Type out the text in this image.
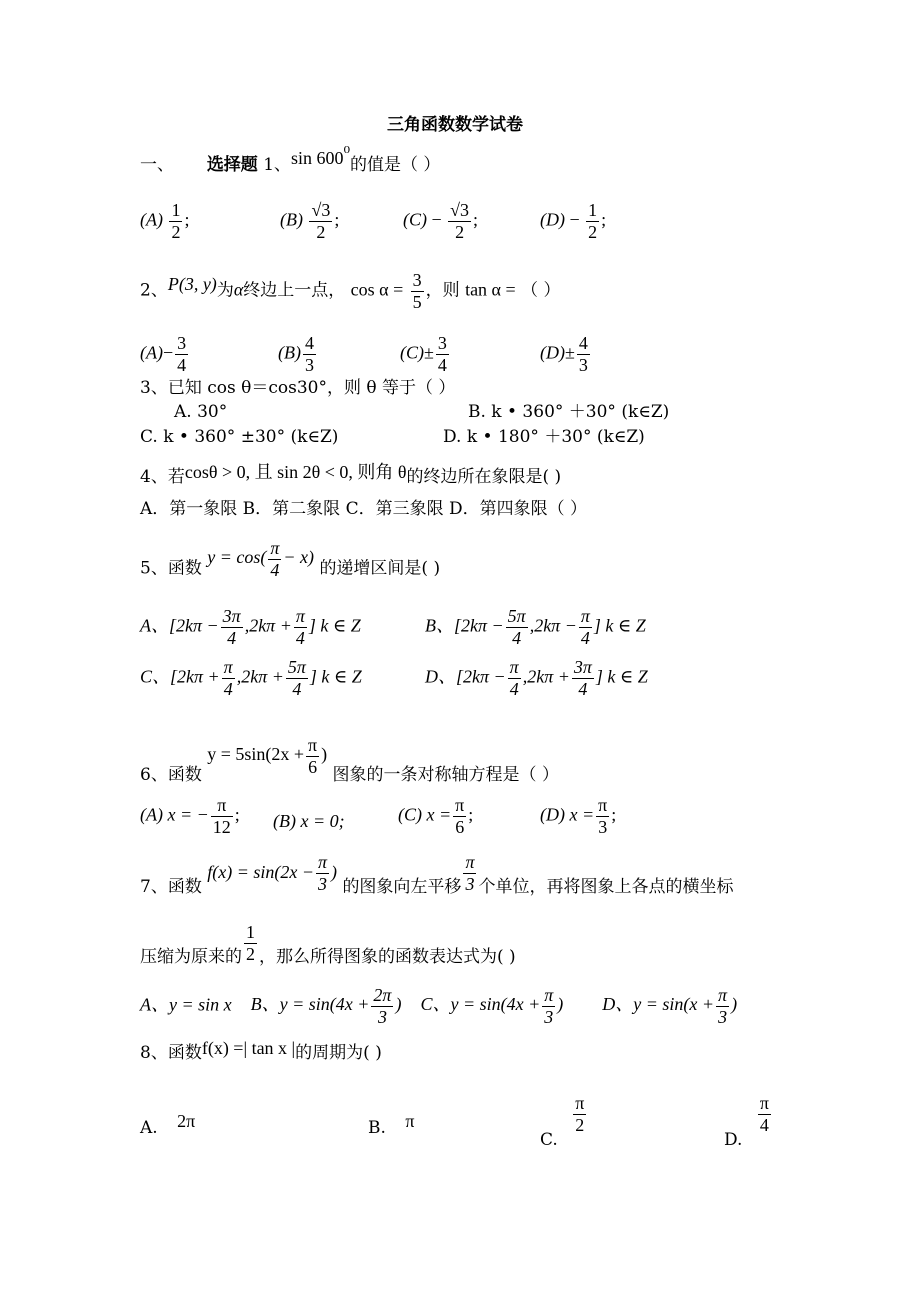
三角函数数学试卷
一、 选择题 1、sin 600⁰的值是（ ）
$(A) \frac{1}{2}$ ;	$(B) \frac{√3}{2}$ ;	$(C) - \frac{√3}{2}$ ;	$(D) - \frac{1}{2}$ ;
2、P(3, y)为α终边上一点， $\cos \alpha = \frac{3}{5}$ ，则 tan α = （ ）
$(A)- \frac{3}{4}$	$(B) \frac{4}{3}$	$(C)\pm \frac{3}{4}$	$(D)\pm \frac{4}{3}$
3、已知 cos θ＝cos30°，则 θ 等于（ ）
A. 30°	B. k • 360° ＋30° (k∈Z)
C. k • 360° ±30° (k∈Z)	D. k • 180° ＋30° (k∈Z)
4、若cosθ > 0, 且 sin 2θ < 0, 则角 θ的终边所在象限是( )
A．第一象限 B．第二象限 C．第三象限 D．第四象限（ ）
5、函数 $y = \cos( \frac{\pi}{4} - x)$ 的递增区间是( )
A、[$2k\pi - \frac{3\pi}{4} ,2k\pi + \frac{\pi}{4}$ ] k ∈ Z	B、[$2k\pi - \frac{5\pi}{4} ,2k\pi - \frac{\pi}{4}$ ] k ∈ Z
C、[$2k\pi + \frac{\pi}{4} ,2k\pi + \frac{5\pi}{4}$ ] k ∈ Z	D、[$2k\pi - \frac{\pi}{4} ,2k\pi + \frac{3\pi}{4}$ ] k ∈ Z
6、函数 $y = 5\sin(2x + \frac{\pi}{6}$ ) 图象的一条对称轴方程是（ ）
(A) x = − $\frac{\pi}{12}$ ; (B) x = 0;	(C) $x = \frac{\pi}{6}$ ;	(D) $x = \frac{\pi}{3}$ ;
7、函数 $f(x) = \sin(2x - \frac{\pi}{3}$ ) 的图象向左平移 $\frac{\pi}{3}$ 个单位，再将图象上各点的横坐标
压缩为原来的 $\frac{1}{2}$ ，那么所得图象的函数表达式为( )
A、y = sin x B、$y = \sin(4x + \frac{2\pi}{3}$ ) C、$y = \sin(4x + \frac{\pi}{3}$ ) D、$y = \sin(x + \frac{\pi}{3}$ )
8、函数f(x) =| tan x |的周期为( )
A. 2π	B. π
C.
$\frac{\pi}{2}$
D.
$\frac{\pi}{4}$
